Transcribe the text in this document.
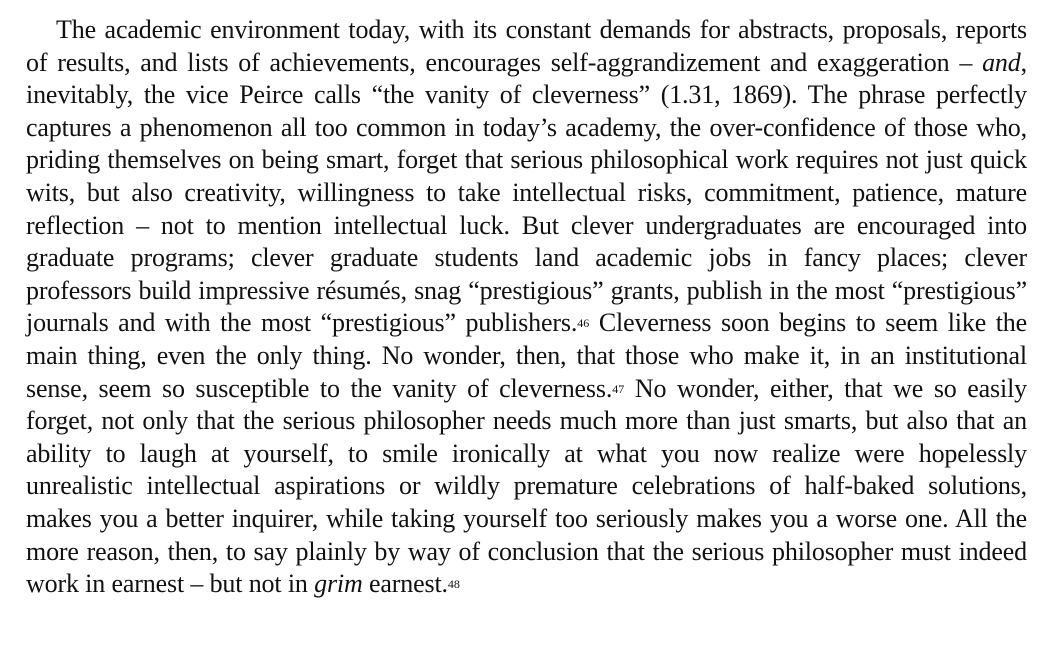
The academic environment today, with its constant demands for abstracts, proposals, reports of results, and lists of achievements, encourages self-aggrandizement and exaggeration – and, inevitably, the vice Peirce calls “the vanity of cleverness” (1.31, 1869). The phrase perfectly captures a phenomenon all too common in today’s academy, the over-confidence of those who, priding themselves on being smart, forget that serious philosophical work requires not just quick wits, but also creativity, willingness to take intellectual risks, commitment, patience, mature reflection – not to mention intellectual luck. But clever undergraduates are encouraged into graduate programs; clever graduate students land academic jobs in fancy places; clever professors build impressive résumés, snag “prestigious” grants, publish in the most “prestigious” journals and with the most “prestigious” publishers.46 Cleverness soon begins to seem like the main thing, even the only thing. No wonder, then, that those who make it, in an institutional sense, seem so susceptible to the vanity of cleverness.47 No wonder, either, that we so easily forget, not only that the serious philosopher needs much more than just smarts, but also that an ability to laugh at yourself, to smile ironically at what you now realize were hopelessly unrealistic intellectual aspirations or wildly premature celebrations of half-baked solutions, makes you a better inquirer, while taking yourself too seriously makes you a worse one. All the more reason, then, to say plainly by way of conclusion that the serious philosopher must indeed work in earnest – but not in grim earnest.48
